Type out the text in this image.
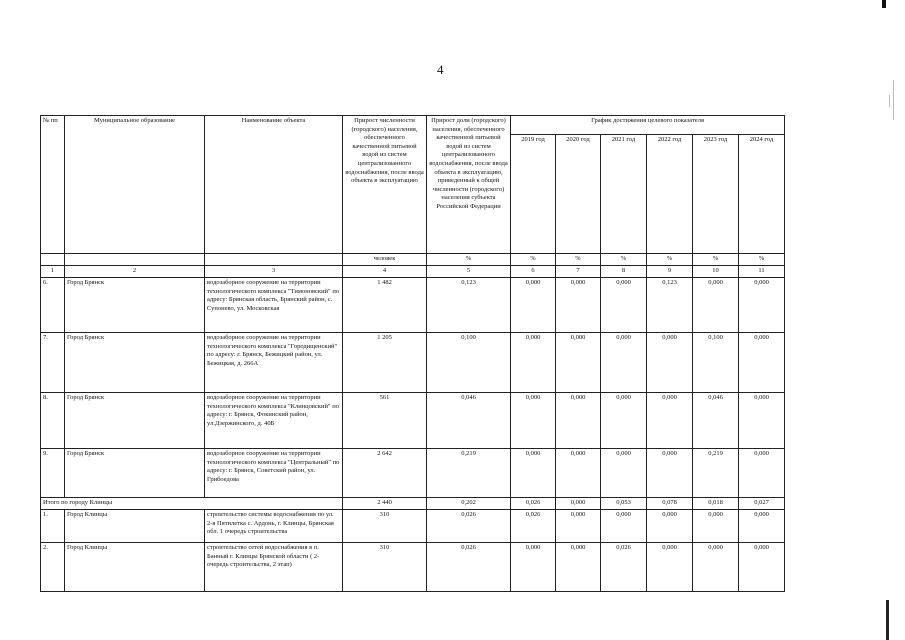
4
№ пп	Муниципальное образование	Наименование объекта	Прирост численности (городского) населения, обеспеченного качественной питьевой водой из систем централизованного водоснабжения, после ввода объекта в эксплуатацию	Прирост доли (городского) населения, обеспеченного качественной питьевой водой из систем централизованного водоснабжения, после ввода объекта в эксплуатацию, приведенный к общей численности (городского) населения субъекта Российской Федерации	График достижения целевого показателя					
					2019 год	2020 год	2021 год	2022 год	2023 год	2024 год
			человек	%	%	%	%	%	%	%
1	2	3	4	5	6	7	8	9	10	11
6.	Город Брянск	водозаборное сооружение на территории технологического комплекса "Тимоновский" по адресу: Брянская область, Брянский район, с. Супонево, ул. Московская	1 482	0,123	0,000	0,000	0,000	0,123	0,000	0,000
7.	Город Брянск	водозаборное сооружение на территории технологического комплекса "Городищенский" по адресу: г. Брянск, Бежицкий район, ул. Бежицкая, д. 266А	1 205	0,100	0,000	0,000	0,000	0,000	0,100	0,000
8.	Город Брянск	водозаборное сооружение на территории технологического комплекса "Клинцовский" по адресу: г. Брянск, Фокинский район, ул.Дзержинского, д. 40Б	561	0,046	0,000	0,000	0,000	0,000	0,046	0,000
9.	Город Брянск	водозаборное сооружение на территории технологического комплекса "Центральный" по адресу: г. Брянск, Советский район, ул. Грибоедова	2 642	0,219	0,000	0,000	0,000	0,000	0,219	0,000
Итого по городу Клинцы			2 440	0,202	0,026	0,000	0,053	0,078	0,018	0,027
1.	Город Клинцы	строительство системы водоснабжения по ул. 2-я Пятилетка с. Ардонь, г. Клинцы, Брянская обл. 1 очередь строительства	310	0,026	0,026	0,000	0,000	0,000	0,000	0,000
2.	Город Клинцы	строительство сетей водоснабжения в п. Банный г. Клинцы Брянской области ( 2-очередь строительства, 2 этап)	310	0,026	0,000	0,000	0,026	0,000	0,000	0,000
